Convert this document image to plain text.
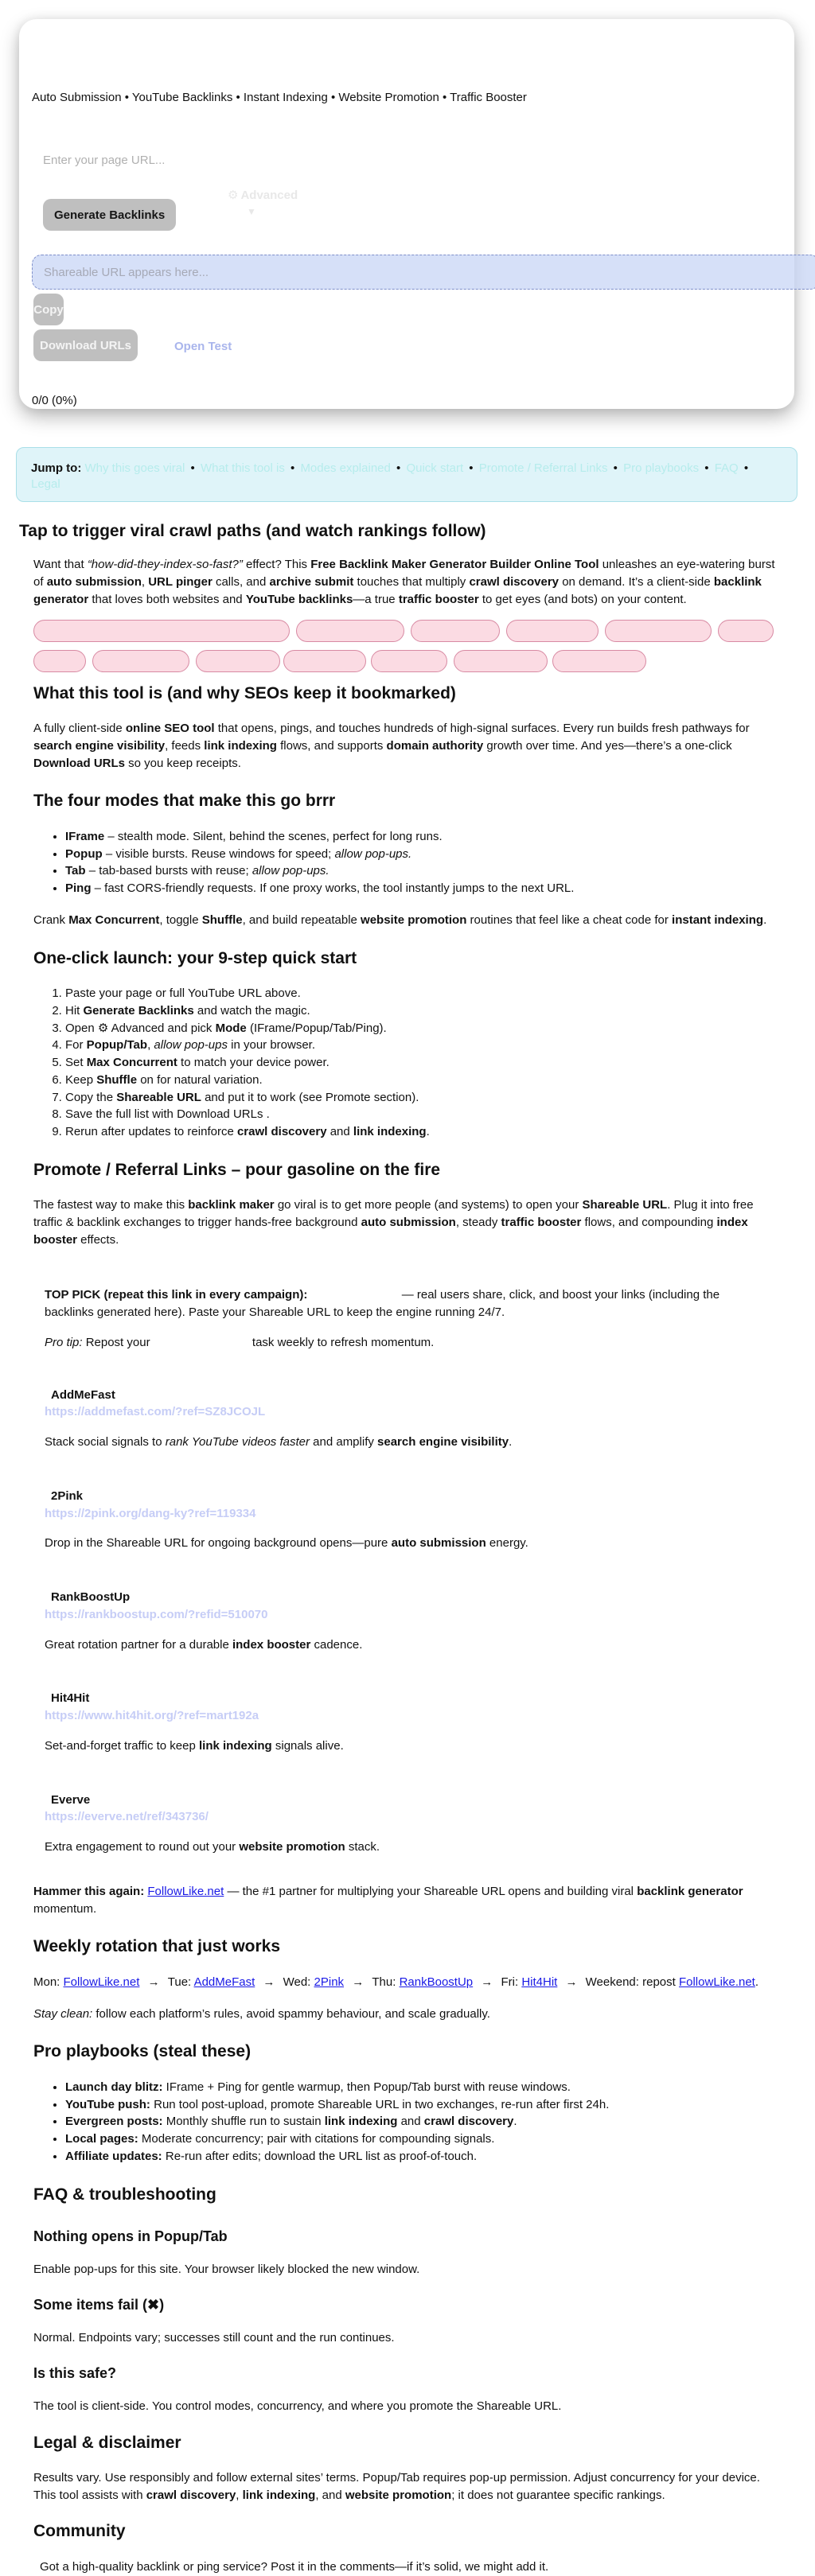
Auto Submission • YouTube Backlinks • Instant Indexing • Website Promotion • Traffic Booster
Enter your page URL...
Generate Backlinks
⚙ Advanced
▼
Shareable URL appears here...
Copy
Download URLs	Open Test
0/0 (0%)
Jump to: Why this goes viral • What this tool is • Modes explained • Quick start • Promote / Referral Links • Pro playbooks • FAQ • Legal
Tap to trigger viral crawl paths (and watch rankings follow)

Want that “how-did-they-index-so-fast?” effect? This Free Backlink Maker Generator Builder Online Tool unleashes an eye-watering burst of auto submission, URL pinger calls, and archive submit touches that multiply crawl discovery on demand. It’s a client-side backlink generator that loves both websites and YouTube backlinks—a true traffic booster to get eyes (and bots) on your content.

What this tool is (and why SEOs keep it bookmarked)

A fully client-side online SEO tool that opens, pings, and touches hundreds of high-signal surfaces. Every run builds fresh pathways for search engine visibility, feeds link indexing flows, and supports domain authority growth over time. And yes—there’s a one-click Download URLs so you keep receipts.

The four modes that make this go brrr
• IFrame – stealth mode. Silent, behind the scenes, perfect for long runs.
• Popup – visible bursts. Reuse windows for speed; allow pop-ups.
• Tab – tab-based bursts with reuse; allow pop-ups.
• Ping – fast CORS-friendly requests. If one proxy works, the tool instantly jumps to the next URL.

Crank Max Concurrent, toggle Shuffle, and build repeatable website promotion routines that feel like a cheat code for instant indexing.

One-click launch: your 9-step quick start
1. Paste your page or full YouTube URL above.
2. Hit Generate Backlinks and watch the magic.
3. Open ⚙ Advanced and pick Mode (IFrame/Popup/Tab/Ping).
4. For Popup/Tab, allow pop-ups in your browser.
5. Set Max Concurrent to match your device power.
6. Keep Shuffle on for natural variation.
7. Copy the Shareable URL and put it to work (see Promote section).
8. Save the full list with Download URLs .
9. Rerun after updates to reinforce crawl discovery and link indexing.
Promote / Referral Links – pour gasoline on the fire

The fastest way to make this backlink maker go viral is to get more people (and systems) to open your Shareable URL. Plug it into free traffic & backlink exchanges to trigger hands-free background auto submission, steady traffic booster flows, and compounding index booster effects.

TOP PICK (repeat this link in every campaign):	— real users share, click, and boost your links (including the backlinks generated here). Paste your Shareable URL to keep the engine running 24/7.

Pro tip: Repost your	task weekly to refresh momentum.

AddMeFast
https://addmefast.com/?ref=SZ8JCOJL

Stack social signals to rank YouTube videos faster and amplify search engine visibility.

2Pink
https://2pink.org/dang-ky?ref=119334

Drop in the Shareable URL for ongoing background opens—pure auto submission energy.

RankBoostUp
https://rankboostup.com/?refid=510070

Great rotation partner for a durable index booster cadence.

Hit4Hit
https://www.hit4hit.org/?ref=mart192a

Set-and-forget traffic to keep link indexing signals alive.

Everve
https://everve.net/ref/343736/

Extra engagement to round out your website promotion stack.

Hammer this again: FollowLike.net — the #1 partner for multiplying your Shareable URL opens and building viral backlink generator momentum.

Weekly rotation that just works

Mon: FollowLike.net → Tue: AddMeFast → Wed: 2Pink → Thu: RankBoostUp → Fri: Hit4Hit → Weekend: repost FollowLike.net.

Stay clean: follow each platform’s rules, avoid spammy behaviour, and scale gradually.

Pro playbooks (steal these)
• Launch day blitz: IFrame + Ping for gentle warmup, then Popup/Tab burst with reuse windows.
• YouTube push: Run tool post-upload, promote Shareable URL in two exchanges, re-run after first 24h.
• Evergreen posts: Monthly shuffle run to sustain link indexing and crawl discovery.
• Local pages: Moderate concurrency; pair with citations for compounding signals.
• Affiliate updates: Re-run after edits; download the URL list as proof-of-touch.
FAQ & troubleshooting
Nothing opens in Popup/Tab

Enable pop-ups for this site. Your browser likely blocked the new window.

Some items fail (✖)

Normal. Endpoints vary; successes still count and the run continues.

Is this safe?

The tool is client-side. You control modes, concurrency, and where you promote the Shareable URL.

Legal & disclaimer

Results vary. Use responsibly and follow external sites’ terms. Popup/Tab requires pop-up permission. Adjust concurrency for your device. This tool assists with crawl discovery, link indexing, and website promotion; it does not guarantee specific rankings.

Community

Got a high-quality backlink or ping service? Post it in the comments—if it’s solid, we might add it.
